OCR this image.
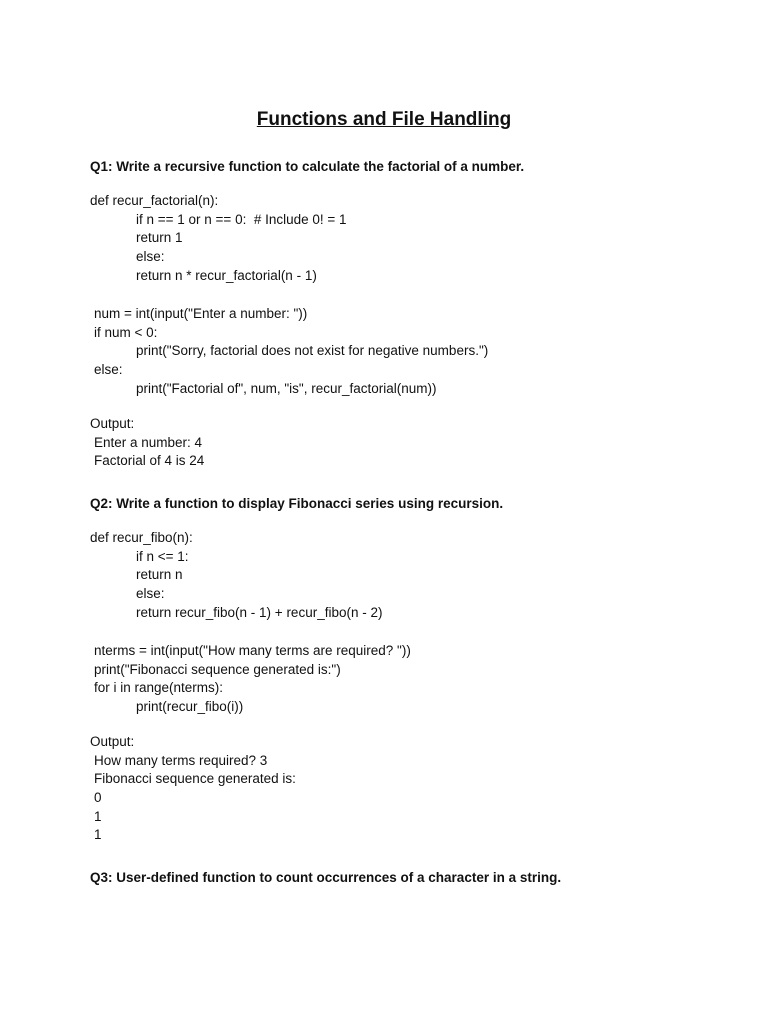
Functions and File Handling
Q1: Write a recursive function to calculate the factorial of a number.
def recur_factorial(n):
if n == 1 or n == 0:  # Include 0! = 1
return 1
else:
return n * recur_factorial(n - 1)
num = int(input("Enter a number: "))
if num < 0:
print("Sorry, factorial does not exist for negative numbers.")
else:
print("Factorial of", num, "is", recur_factorial(num))
Output:
Enter a number: 4
Factorial of 4 is 24
Q2: Write a function to display Fibonacci series using recursion.
def recur_fibo(n):
if n <= 1:
return n
else:
return recur_fibo(n - 1) + recur_fibo(n - 2)
nterms = int(input("How many terms are required? "))
print("Fibonacci sequence generated is:")
for i in range(nterms):
print(recur_fibo(i))
Output:
How many terms required? 3
Fibonacci sequence generated is:
0
1
1
Q3: User-defined function to count occurrences of a character in a string.
